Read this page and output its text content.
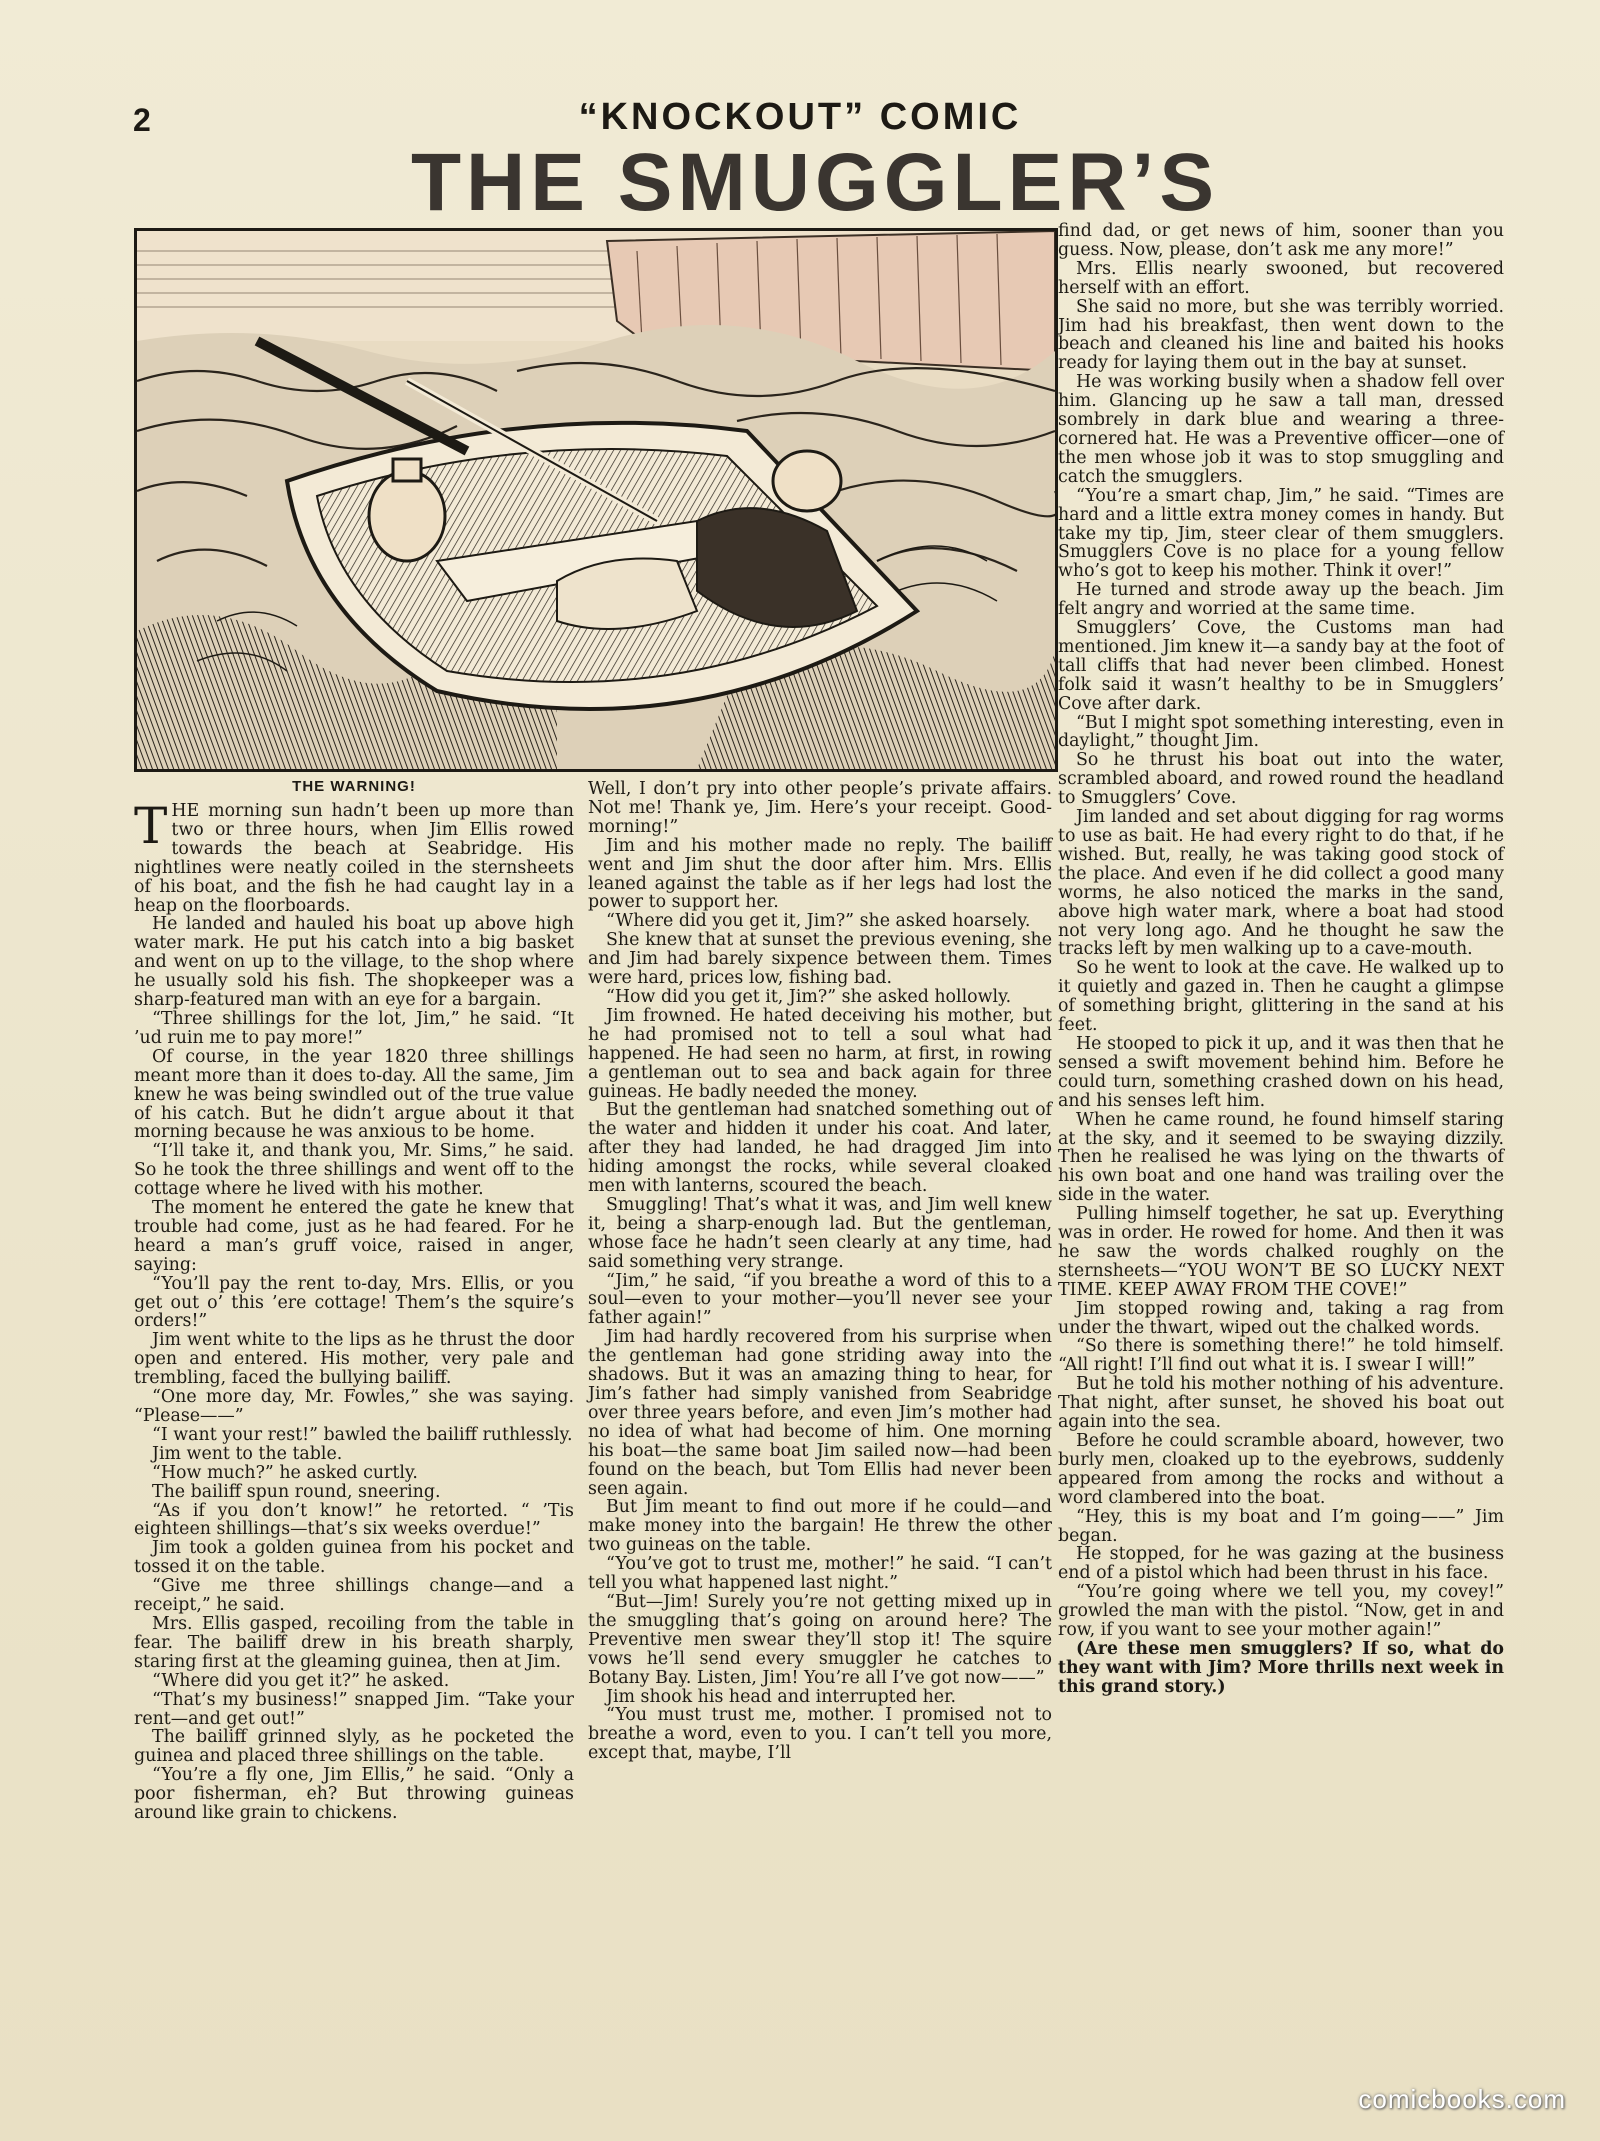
2	“KNOCKOUT” COMIC
THE SMUGGLER’S
THE WARNING!

THE morning sun hadn’t been up more than two or three hours, when Jim Ellis rowed towards the beach at Seabridge. His nightlines were neatly coiled in the sternsheets of his boat, and the fish he had caught lay in a heap on the floorboards.

He landed and hauled his boat up above high water mark. He put his catch into a big basket and went on up to the village, to the shop where he usually sold his fish. The shopkeeper was a sharp-featured man with an eye for a bargain.

“Three shillings for the lot, Jim,” he said. “It ’ud ruin me to pay more!”

Of course, in the year 1820 three shillings meant more than it does to-day. All the same, Jim knew he was being swindled out of the true value of his catch. But he didn’t argue about it that morning because he was anxious to be home.

“I’ll take it, and thank you, Mr. Sims,” he said. So he took the three shillings and went off to the cottage where he lived with his mother.

The moment he entered the gate he knew that trouble had come, just as he had feared. For he heard a man’s gruff voice, raised in anger, saying:

“You’ll pay the rent to-day, Mrs. Ellis, or you get out o’ this ’ere cottage! Them’s the squire’s orders!”

Jim went white to the lips as he thrust the door open and entered. His mother, very pale and trembling, faced the bullying bailiff.

“One more day, Mr. Fowles,” she was saying. “Please——”

“I want your rest!” bawled the bailiff ruthlessly.

Jim went to the table.

“How much?” he asked curtly.

The bailiff spun round, sneering.

“As if you don’t know!” he retorted. “ ’Tis eighteen shillings—that’s six weeks overdue!”

Jim took a golden guinea from his pocket and tossed it on the table.

“Give me three shillings change—and a receipt,” he said.

Mrs. Ellis gasped, recoiling from the table in fear. The bailiff drew in his breath sharply, staring first at the gleaming guinea, then at Jim.

“Where did you get it?” he asked.

“That’s my business!” snapped Jim. “Take your rent—and get out!”

The bailiff grinned slyly, as he pocketed the guinea and placed three shillings on the table.

“You’re a fly one, Jim Ellis,” he said. “Only a poor fisherman, eh? But throwing guineas around like grain to chickens.

Well, I don’t pry into other people’s private affairs. Not me! Thank ye, Jim. Here’s your receipt. Good-morning!”

Jim and his mother made no reply. The bailiff went and Jim shut the door after him. Mrs. Ellis leaned against the table as if her legs had lost the power to support her.

“Where did you get it, Jim?” she asked hoarsely.

She knew that at sunset the previous evening, she and Jim had barely sixpence between them. Times were hard, prices low, fishing bad.

“How did you get it, Jim?” she asked hollowly.

Jim frowned. He hated deceiving his mother, but he had promised not to tell a soul what had happened. He had seen no harm, at first, in rowing a gentleman out to sea and back again for three guineas. He badly needed the money.

But the gentleman had snatched something out of the water and hidden it under his coat. And later, after they had landed, he had dragged Jim into hiding amongst the rocks, while several cloaked men with lanterns, scoured the beach.

Smuggling! That’s what it was, and Jim well knew it, being a sharp-enough lad. But the gentleman, whose face he hadn’t seen clearly at any time, had said something very strange.

“Jim,” he said, “if you breathe a word of this to a soul—even to your mother—you’ll never see your father again!”

Jim had hardly recovered from his surprise when the gentleman had gone striding away into the shadows. But it was an amazing thing to hear, for Jim’s father had simply vanished from Seabridge over three years before, and even Jim’s mother had no idea of what had become of him. One morning his boat—the same boat Jim sailed now—had been found on the beach, but Tom Ellis had never been seen again.

But Jim meant to find out more if he could—and make money into the bargain! He threw the other two guineas on the table.

“You’ve got to trust me, mother!” he said. “I can’t tell you what happened last night.”

“But—Jim! Surely you’re not getting mixed up in the smuggling that’s going on around here? The Preventive men swear they’ll stop it! The squire vows he’ll send every smuggler he catches to Botany Bay. Listen, Jim! You’re all I’ve got now——”

Jim shook his head and interrupted her.

“You must trust me, mother. I promised not to breathe a word, even to you. I can’t tell you more, except that, maybe, I’ll

find dad, or get news of him, sooner than you guess. Now, please, don’t ask me any more!”

Mrs. Ellis nearly swooned, but recovered herself with an effort.

She said no more, but she was terribly worried. Jim had his breakfast, then went down to the beach and cleaned his line and baited his hooks ready for laying them out in the bay at sunset.

He was working busily when a shadow fell over him. Glancing up he saw a tall man, dressed sombrely in dark blue and wearing a three-cornered hat. He was a Preventive officer—one of the men whose job it was to stop smuggling and catch the smugglers.

“You’re a smart chap, Jim,” he said. “Times are hard and a little extra money comes in handy. But take my tip, Jim, steer clear of them smugglers. Smugglers Cove is no place for a young fellow who’s got to keep his mother. Think it over!”

He turned and strode away up the beach. Jim felt angry and worried at the same time.

Smugglers’ Cove, the Customs man had mentioned. Jim knew it—a sandy bay at the foot of tall cliffs that had never been climbed. Honest folk said it wasn’t healthy to be in Smugglers’ Cove after dark.

“But I might spot something interesting, even in daylight,” thought Jim.

So he thrust his boat out into the water, scrambled aboard, and rowed round the headland to Smugglers’ Cove.

Jim landed and set about digging for rag worms to use as bait. He had every right to do that, if he wished. But, really, he was taking good stock of the place. And even if he did collect a good many worms, he also noticed the marks in the sand, above high water mark, where a boat had stood not very long ago. And he thought he saw the tracks left by men walking up to a cave-mouth.

So he went to look at the cave. He walked up to it quietly and gazed in. Then he caught a glimpse of something bright, glittering in the sand at his feet.

He stooped to pick it up, and it was then that he sensed a swift movement behind him. Before he could turn, something crashed down on his head, and his senses left him.

When he came round, he found himself staring at the sky, and it seemed to be swaying dizzily. Then he realised he was lying on the thwarts of his own boat and one hand was trailing over the side in the water.

Pulling himself together, he sat up. Everything was in order. He rowed for home. And then it was he saw the words chalked roughly on the sternsheets—“YOU WON’T BE SO LUCKY NEXT TIME. KEEP AWAY FROM THE COVE!”

Jim stopped rowing and, taking a rag from under the thwart, wiped out the chalked words.

“So there is something there!” he told himself. “All right! I’ll find out what it is. I swear I will!”

But he told his mother nothing of his adventure. That night, after sunset, he shoved his boat out again into the sea.

Before he could scramble aboard, however, two burly men, cloaked up to the eyebrows, suddenly appeared from among the rocks and without a word clambered into the boat.

“Hey, this is my boat and I’m going——” Jim began.

He stopped, for he was gazing at the business end of a pistol which had been thrust in his face.

“You’re going where we tell you, my covey!” growled the man with the pistol. “Now, get in and row, if you want to see your mother again!”

(Are these men smugglers? If so, what do they want with Jim? More thrills next week in this grand story.)

comicbooks.com
